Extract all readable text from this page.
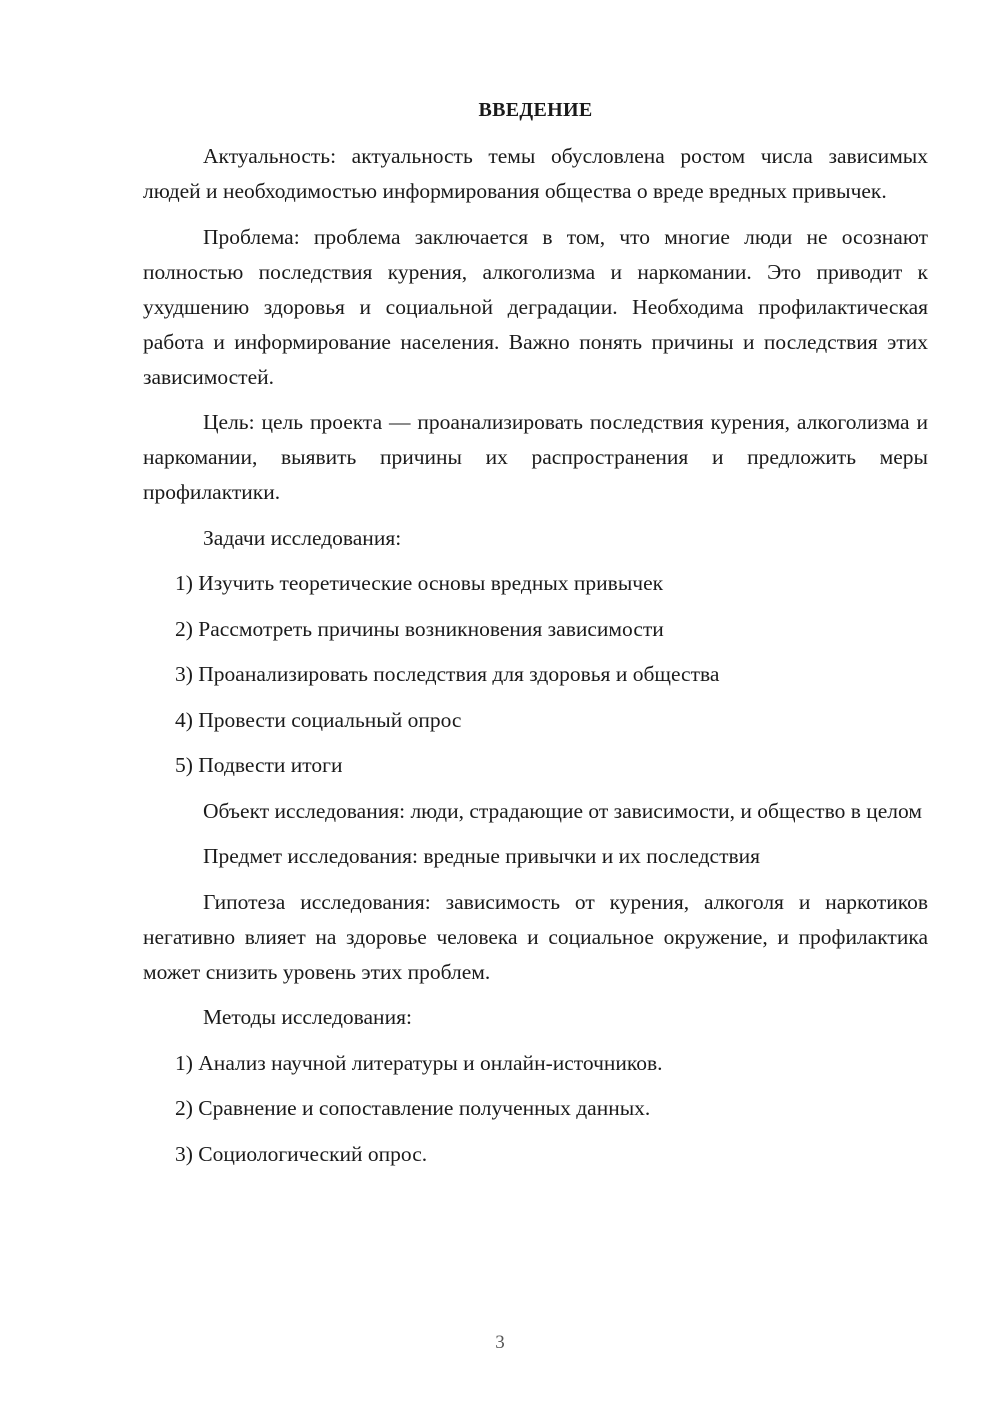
ВВЕДЕНИЕ

Актуальность: актуальность темы обусловлена ростом числа зависимых людей и необходимостью информирования общества о вреде вредных привычек.

Проблема: проблема заключается в том, что многие люди не осознают полностью последствия курения, алкоголизма и наркомании. Это приводит к ухудшению здоровья и социальной деградации. Необходима профилактическая работа и информирование населения. Важно понять причины и последствия этих зависимостей.

Цель: цель проекта — проанализировать последствия курения, алкоголизма и наркомании, выявить причины их распространения и предложить меры профилактики.

Задачи исследования:

1) Изучить теоретические основы вредных привычек
2) Рассмотреть причины возникновения зависимости
3) Проанализировать последствия для здоровья и общества
4) Провести социальный опрос
5) Подвести итоги

Объект исследования: люди, страдающие от зависимости, и общество в целом

Предмет исследования: вредные привычки и их последствия

Гипотеза исследования: зависимость от курения, алкоголя и наркотиков негативно влияет на здоровье человека и социальное окружение, и профилактика может снизить уровень этих проблем.

Методы исследования:

1) Анализ научной литературы и онлайн-источников.
2) Сравнение и сопоставление полученных данных.
3) Социологический опрос.
3
